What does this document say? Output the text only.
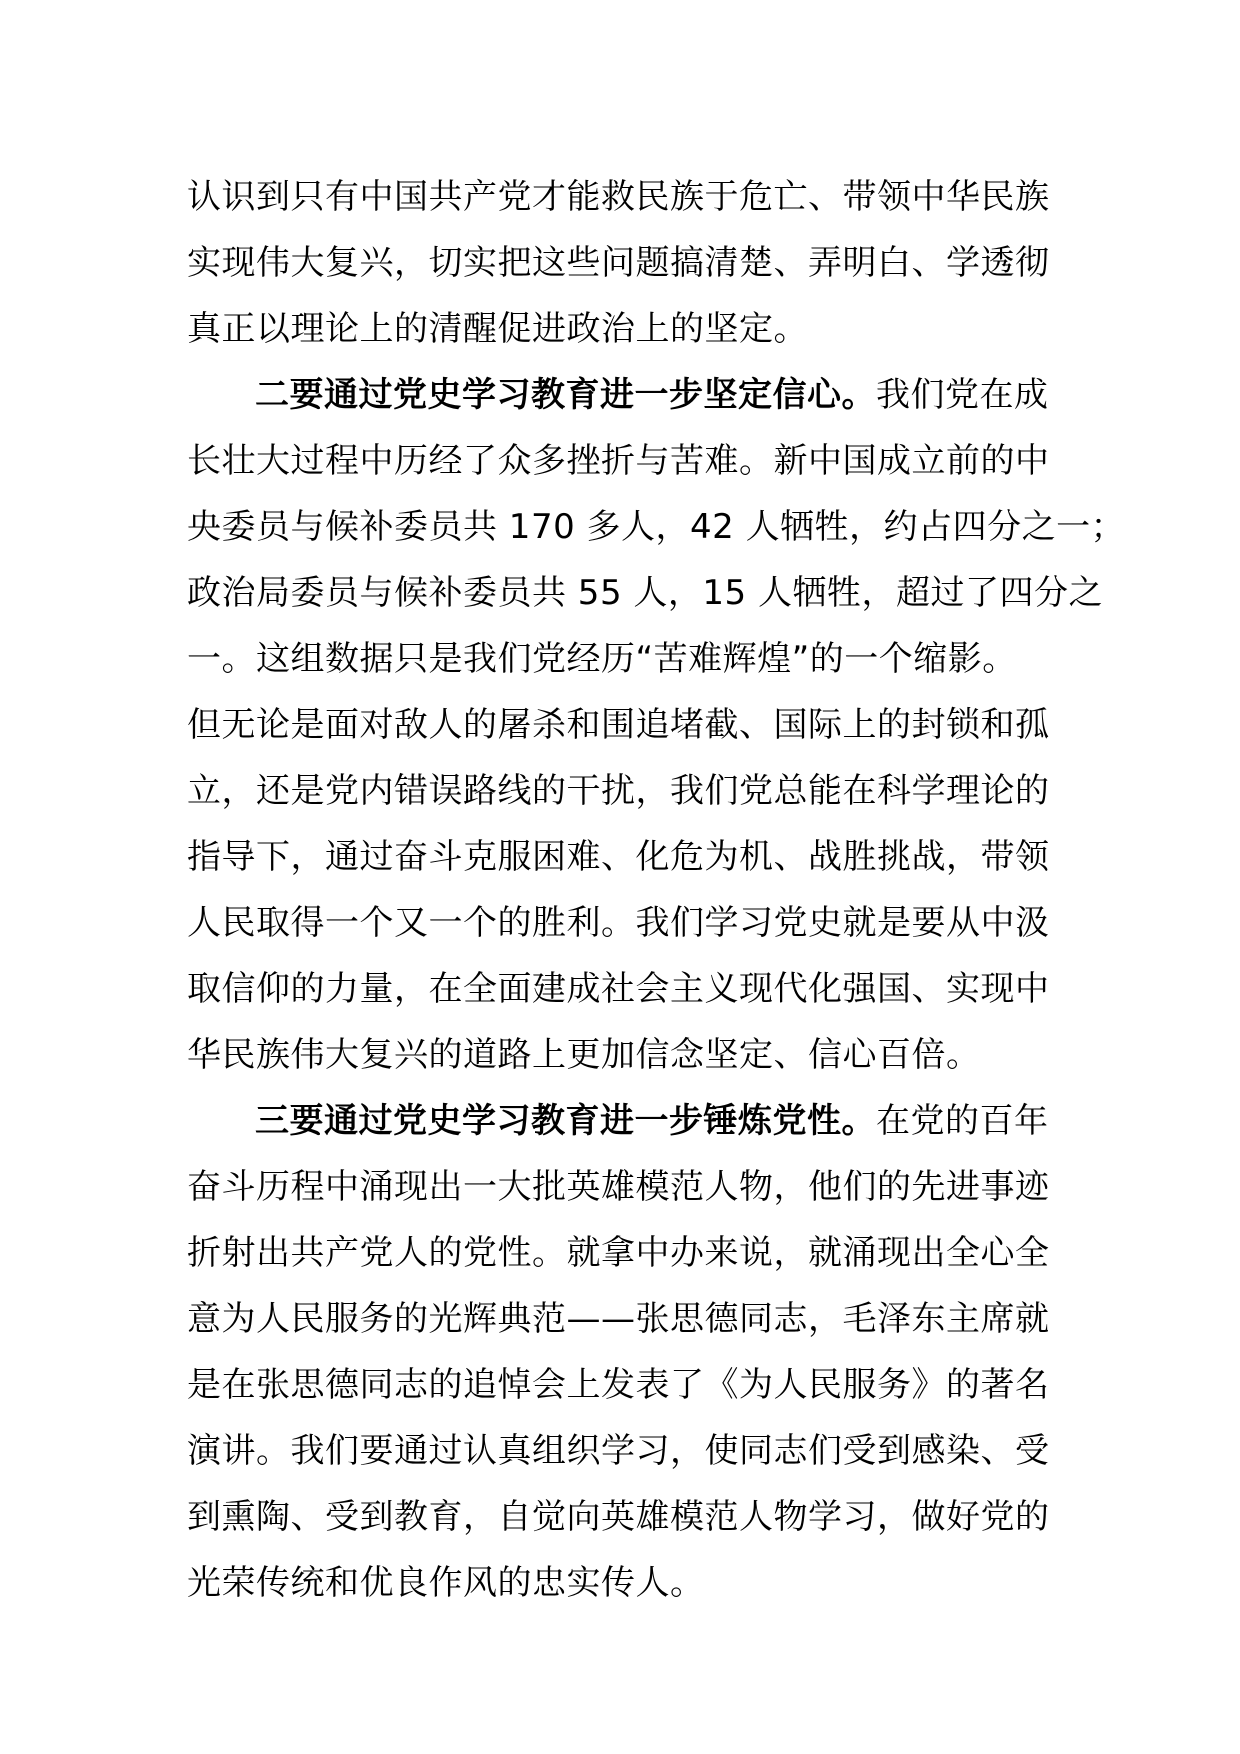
认识到只有中国共产党才能救民族于危亡、带领中华民族
实现伟大复兴，切实把这些问题搞清楚、弄明白、学透彻
真正以理论上的清醒促进政治上的坚定。
二要通过党史学习教育进一步坚定信心。我们党在成
长壮大过程中历经了众多挫折与苦难。新中国成立前的中
央委员与候补委员共 170 多人，42 人牺牲，约占四分之一；
政治局委员与候补委员共 55 人，15 人牺牲，超过了四分之
一。这组数据只是我们党经历“苦难辉煌”的一个缩影。
但无论是面对敌人的屠杀和围追堵截、国际上的封锁和孤
立，还是党内错误路线的干扰，我们党总能在科学理论的
指导下，通过奋斗克服困难、化危为机、战胜挑战，带领
人民取得一个又一个的胜利。我们学习党史就是要从中汲
取信仰的力量，在全面建成社会主义现代化强国、实现中
华民族伟大复兴的道路上更加信念坚定、信心百倍。
三要通过党史学习教育进一步锤炼党性。在党的百年
奋斗历程中涌现出一大批英雄模范人物，他们的先进事迹
折射出共产党人的党性。就拿中办来说，就涌现出全心全
意为人民服务的光辉典范——张思德同志，毛泽东主席就
是在张思德同志的追悼会上发表了《为人民服务》的著名
演讲。我们要通过认真组织学习，使同志们受到感染、受
到熏陶、受到教育，自觉向英雄模范人物学习，做好党的
光荣传统和优良作风的忠实传人。
